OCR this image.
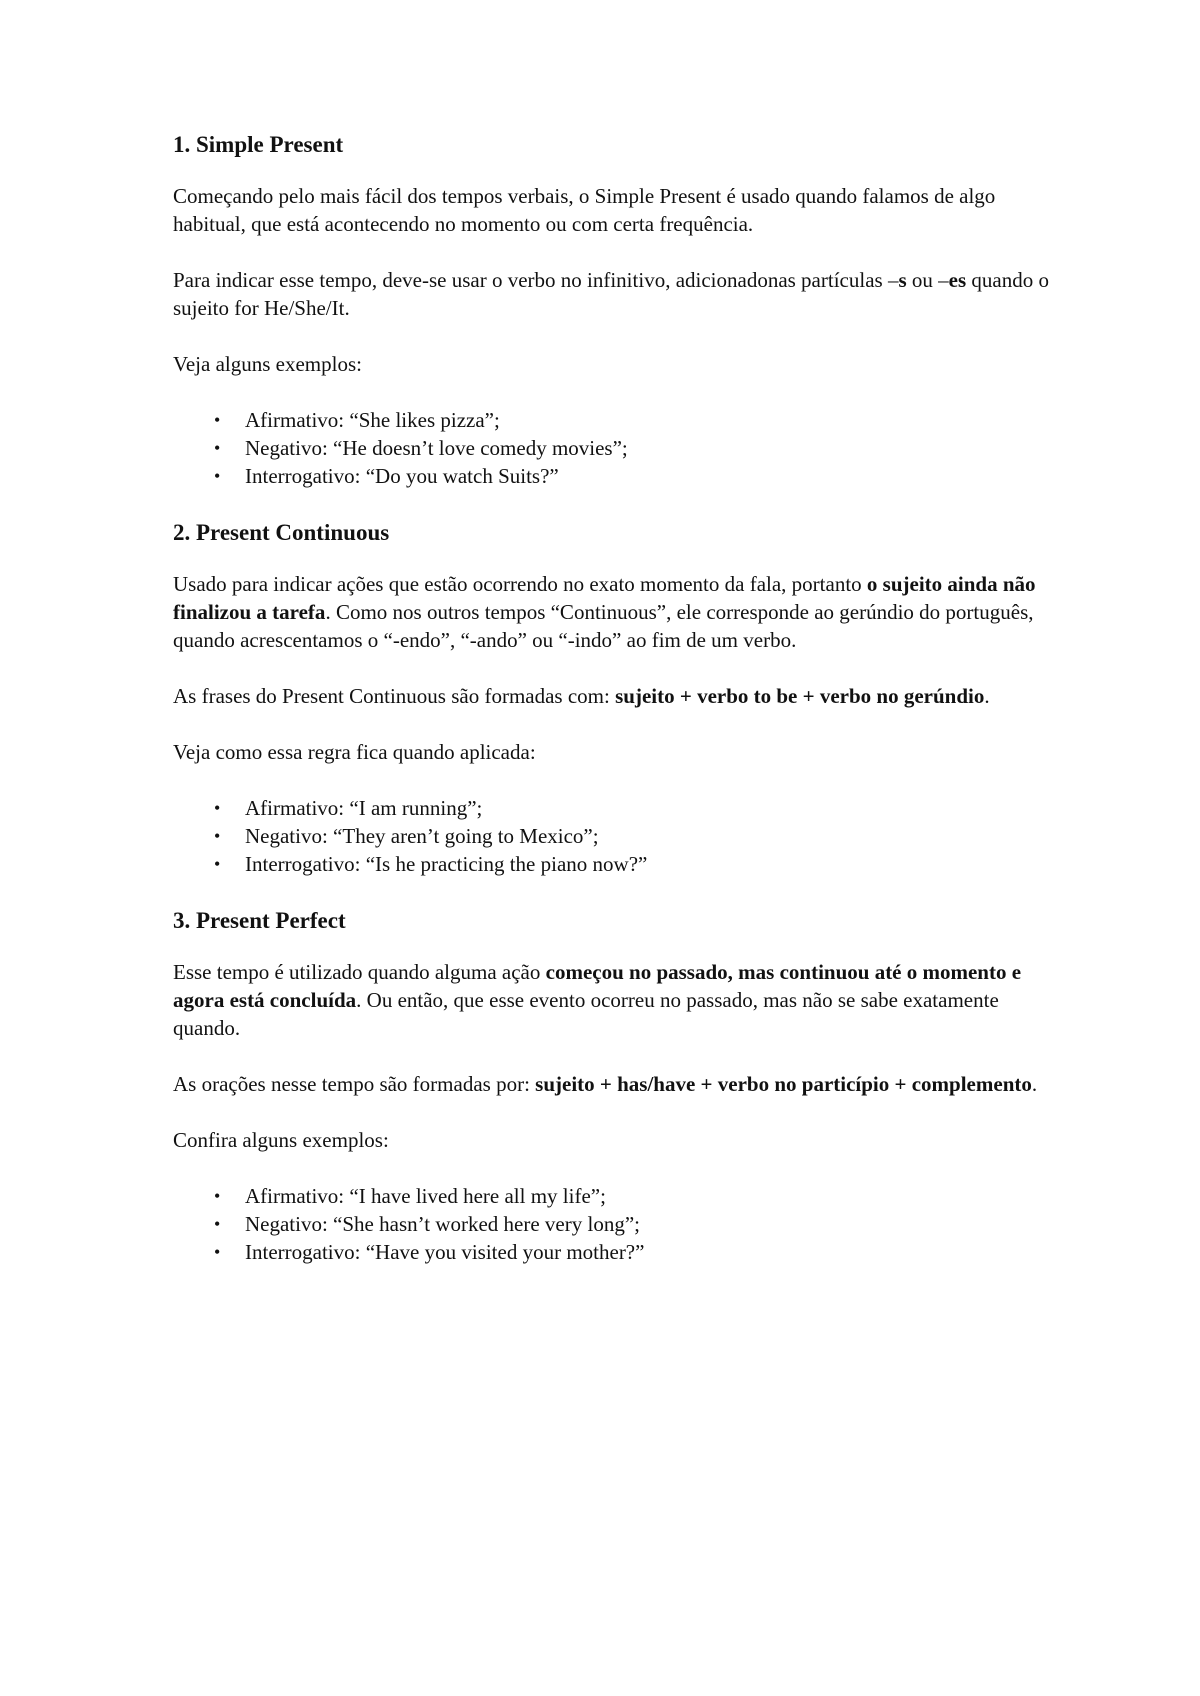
1. Simple Present

Começando pelo mais fácil dos tempos verbais, o Simple Present é usado quando falamos de algo habitual, que está acontecendo no momento ou com certa frequência.

Para indicar esse tempo, deve-se usar o verbo no infinitivo, adicionadonas partículas –s ou –es quando o sujeito for He/She/It.

Veja alguns exemplos:

• Afirmativo: “She likes pizza”;
• Negativo: “He doesn’t love comedy movies”;
• Interrogativo: “Do you watch Suits?”
2. Present Continuous

Usado para indicar ações que estão ocorrendo no exato momento da fala, portanto o sujeito ainda não finalizou a tarefa. Como nos outros tempos “Continuous”, ele corresponde ao gerúndio do português, quando acrescentamos o “-endo”, “-ando” ou “-indo” ao fim de um verbo.

As frases do Present Continuous são formadas com: sujeito + verbo to be + verbo no gerúndio.

Veja como essa regra fica quando aplicada:

• Afirmativo: “I am running”;
• Negativo: “They aren’t going to Mexico”;
• Interrogativo: “Is he practicing the piano now?”
3. Present Perfect

Esse tempo é utilizado quando alguma ação começou no passado, mas continuou até o momento e agora está concluída. Ou então, que esse evento ocorreu no passado, mas não se sabe exatamente quando.

As orações nesse tempo são formadas por: sujeito + has/have + verbo no particípio + complemento.

Confira alguns exemplos:

• Afirmativo: “I have lived here all my life”;
• Negativo: “She hasn’t worked here very long”;
• Interrogativo: “Have you visited your mother?”
